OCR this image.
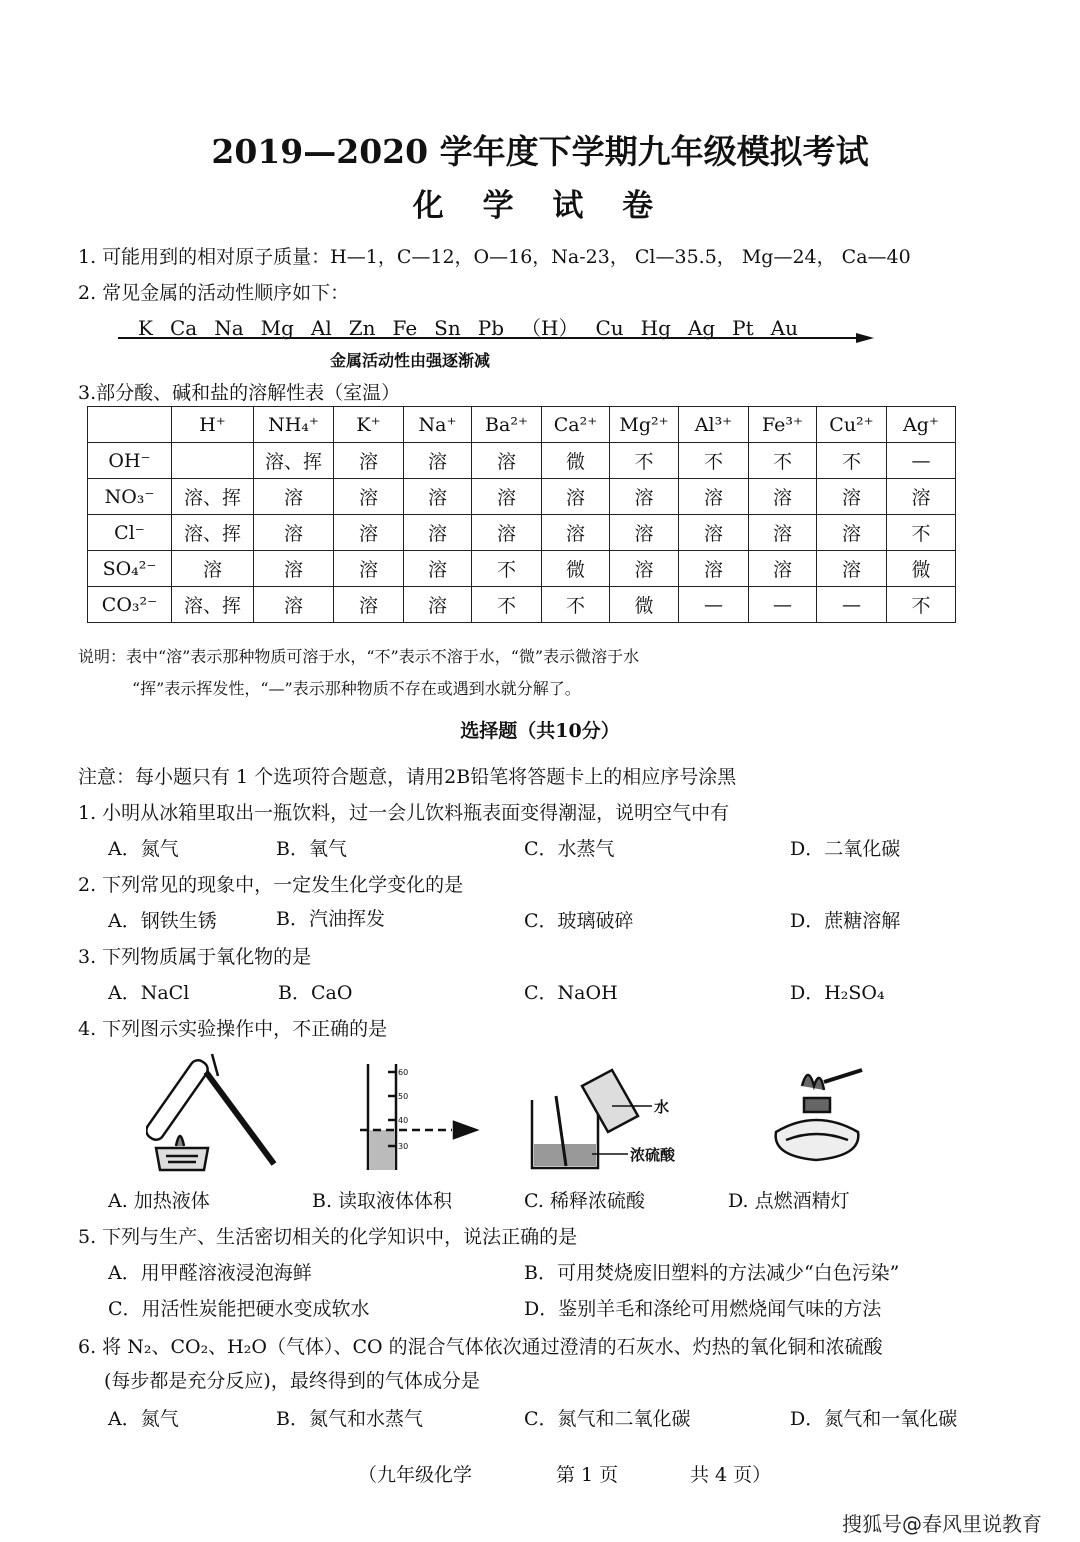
2019—2020 学年度下学期九年级模拟考试
化 学 试 卷
1. 可能用到的相对原子质量：H—1，C—12，O—16，Na-23， Cl—35.5， Mg—24， Ca—40
2. 常见金属的活动性顺序如下：
K Ca Na Mg Al Zn Fe Sn Pb （H） Cu Hg Ag Pt Au
金属活动性由强逐渐减
3.部分酸、碱和盐的溶解性表（室温）
	H⁺	NH₄⁺	K⁺	Na⁺	Ba²⁺	Ca²⁺	Mg²⁺	Al³⁺	Fe³⁺	Cu²⁺	Ag⁺
OH⁻		溶、挥	溶	溶	溶	微	不	不	不	不	—
NO₃⁻	溶、挥	溶	溶	溶	溶	溶	溶	溶	溶	溶	溶
Cl⁻	溶、挥	溶	溶	溶	溶	溶	溶	溶	溶	溶	不
SO₄²⁻	溶	溶	溶	溶	不	微	溶	溶	溶	溶	微
CO₃²⁻	溶、挥	溶	溶	溶	不	不	微	—	—	—	不
说明：表中“溶”表示那种物质可溶于水，“不”表示不溶于水，“微”表示微溶于水
“挥”表示挥发性，“—”表示那种物质不存在或遇到水就分解了。
选择题（共10分）
注意：每小题只有 1 个选项符合题意，请用2B铅笔将答题卡上的相应序号涂黑
1. 小明从冰箱里取出一瓶饮料，过一会儿饮料瓶表面变得潮湿，说明空气中有
A．氮气	B．氧气	C．水蒸气	D．二氧化碳
2. 下列常见的现象中，一定发生化学变化的是
A．钢铁生锈	B．汽油挥发	C．玻璃破碎	D．蔗糖溶解
3. 下列物质属于氧化物的是
A．NaCl	B．CaO	C．NaOH	D．H₂SO₄
4. 下列图示实验操作中，不正确的是
60
50
40
30
水
浓硫酸
A. 加热液体	B. 读取液体体积	C. 稀释浓硫酸	D. 点燃酒精灯
5. 下列与生产、生活密切相关的化学知识中，说法正确的是
A．用甲醛溶液浸泡海鲜	B．可用焚烧废旧塑料的方法减少“白色污染”
C．用活性炭能把硬水变成软水	D．鉴别羊毛和涤纶可用燃烧闻气味的方法
6. 将 N₂、CO₂、H₂O（气体）、CO 的混合气体依次通过澄清的石灰水、灼热的氧化铜和浓硫酸
(每步都是充分反应)，最终得到的气体成分是
A．氮气	B．氮气和水蒸气	C．氮气和二氧化碳	D．氮气和一氧化碳
（九年级化学	第 1 页	共 4 页）
搜狐号@春风里说教育
